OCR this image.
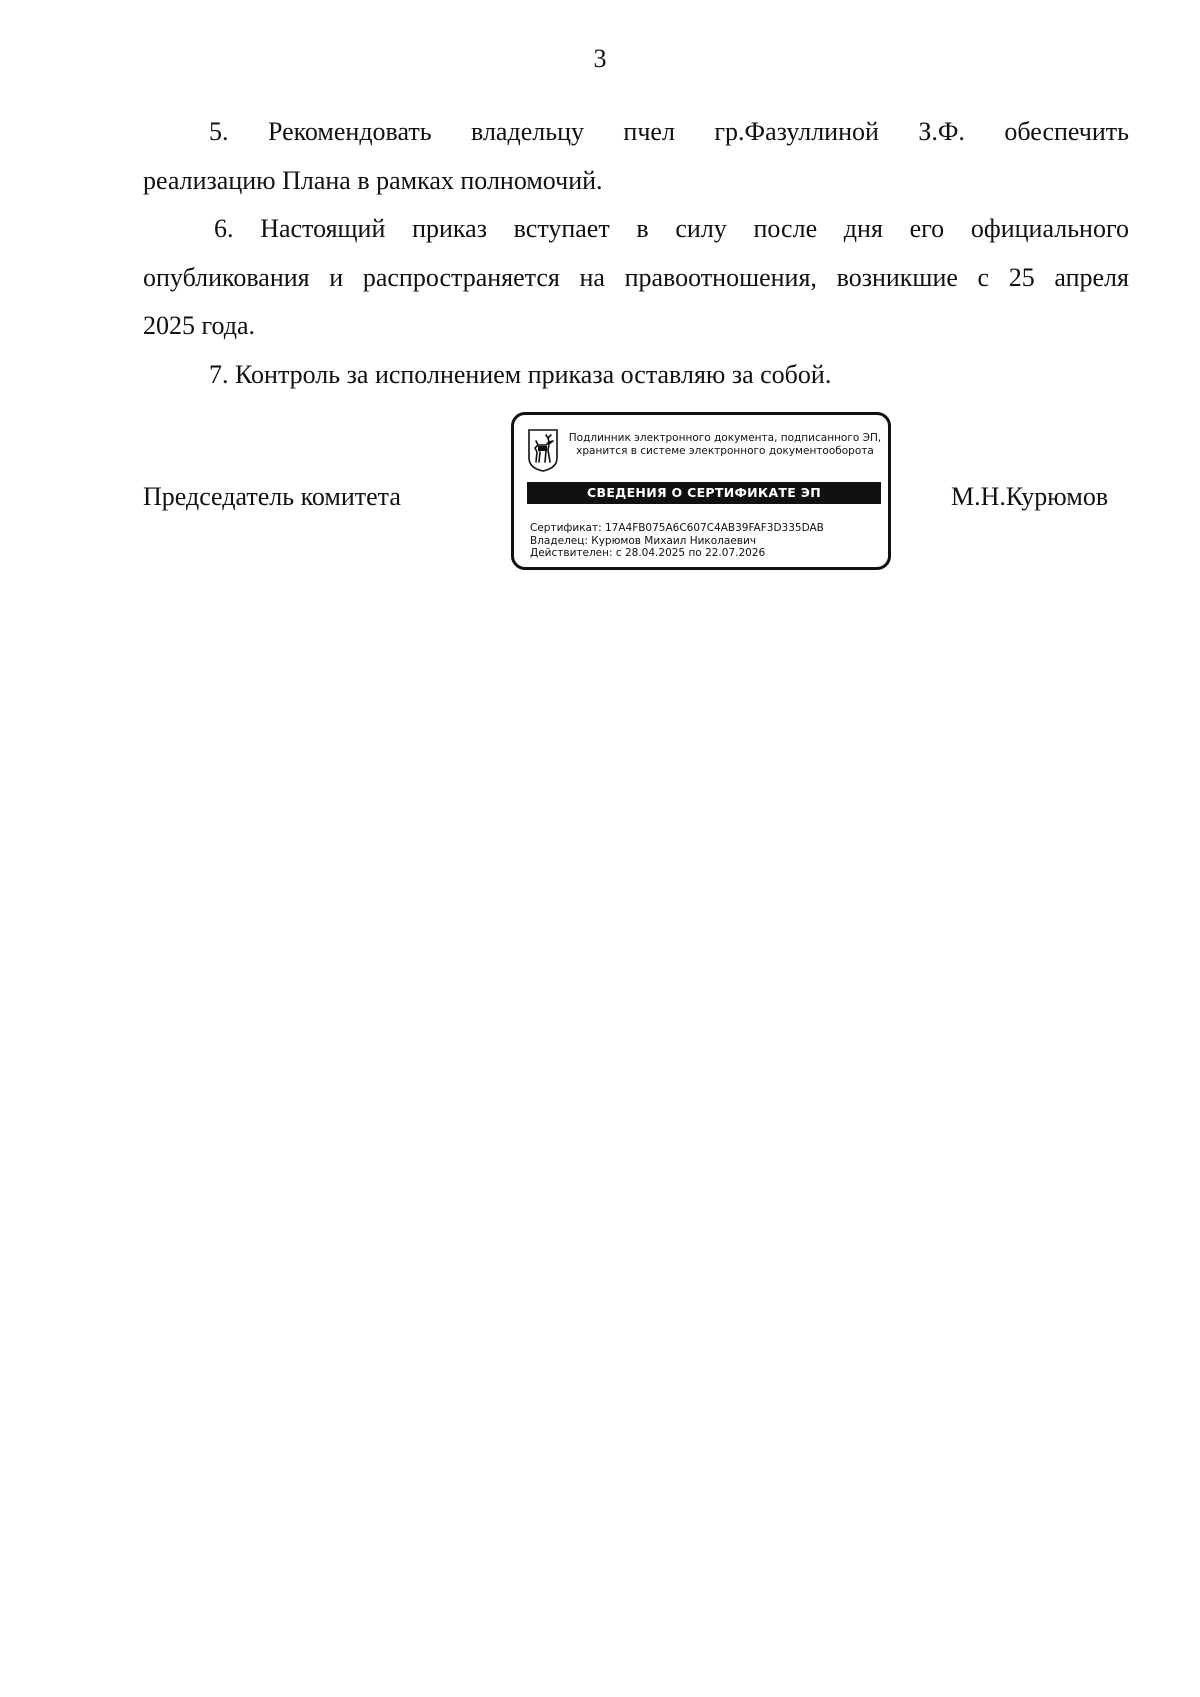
3

5. Рекомендовать владельцу пчел гр.Фазуллиной З.Ф. обеспечить
реализацию Плана в рамках полномочий.

6. Настоящий приказ вступает в силу после дня его официального
опубликования и распространяется на правоотношения, возникшие с 25 апреля
2025 года.

7. Контроль за исполнением приказа оставляю за собой.

Председатель комитета
Подлинник электронного документа, подписанного ЭП,
хранится в системе электронного документооборота
СВЕДЕНИЯ О СЕРТИФИКАТЕ ЭП
Сертификат: 17A4FB075A6C607C4AB39FAF3D335DAB
Владелец: Курюмов Михаил Николаевич
Действителен: с 28.04.2025 по 22.07.2026
М.Н.Курюмов
